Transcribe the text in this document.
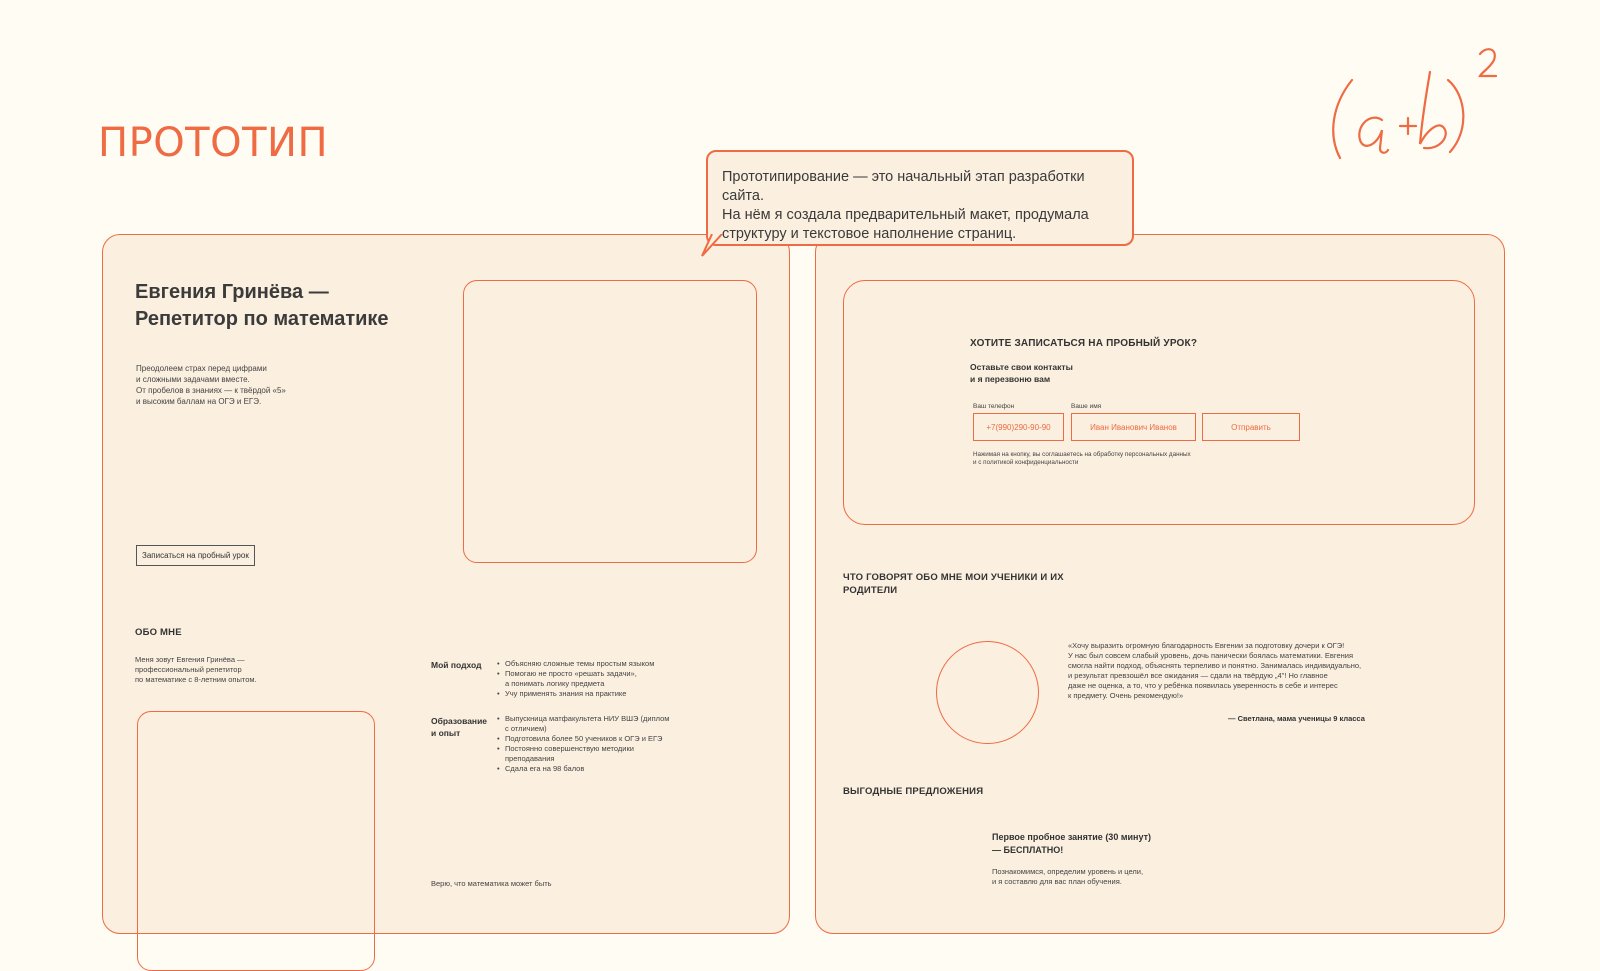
ПРОТОТИП
Прототипирование — это начальный этап разработки сайта.
На нём я создала предварительный макет, продумала
структуру и текстовое наполнение страниц.
Евгения Гринёва —
Репетитор по математике
Преодолеем страх перед цифрами
и сложными задачами вместе.
От пробелов в знаниях — к твёрдой «5»
и высоким баллам на ОГЭ и ЕГЭ.
Записаться на пробный урок
ОБО МНЕ
Меня зовут Евгения Гринёва —
профессиональный репетитор
по математике с 8-летним опытом.
Мой подход
•	Объясняю сложные темы простым языком
• Помогаю не просто «решать задачи»,
а понимать логику предмета
• Учу применять знания на практике
Образование
и опыт
• Выпускница матфакультета НИУ ВШЭ (диплом
с отличием)
• Подготовила более 50 учеников к ОГЭ и ЕГЭ
• Постоянно совершенствую методики
преподавания
• Сдала ега на 98 балов
Верю, что математика может быть
ХОТИТЕ ЗАПИСАТЬСЯ НА ПРОБНЫЙ УРОК?
Оставьте свои контакты
и я перезвоню вам
Ваш телефон
+7(990)290-90-90
Ваше имя
Иван Иванович Иванов	Отправить
Нажимая на кнопку, вы соглашаетесь на обработку персональных данных
и с политикой конфиденциальности
ЧТО ГОВОРЯТ ОБО МНЕ МОИ УЧЕНИКИ И ИХ
РОДИТЕЛИ
«Хочу выразить огромную благодарность Евгении за подготовку дочери к ОГЭ!
У нас был совсем слабый уровень, дочь панически боялась математики. Евгения
смогла найти подход, объяснять терпеливо и понятно. Занималась индивидуально,
и результат превзошёл все ожидания — сдали на твёрдую „4"! Но главное
даже не оценка, а то, что у ребёнка появилась уверенность в себе и интерес
к предмету. Очень рекомендую!»
— Светлана, мама ученицы 9 класса
ВЫГОДНЫЕ ПРЕДЛОЖЕНИЯ
Первое пробное занятие (30 минут)
— БЕСПЛАТНО!
Познакомимся, определим уровень и цели,
и я составлю для вас план обучения.
